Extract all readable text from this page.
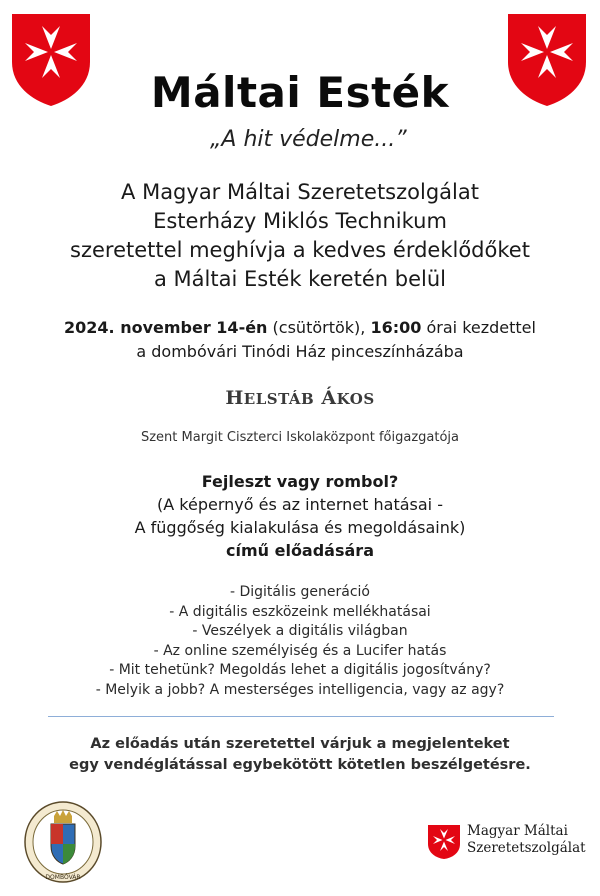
Máltai Esték
„A hit védelme...”
A Magyar Máltai Szeretetszolgálat
Esterházy Miklós Technikum
szeretettel meghívja a kedves érdeklődőket
a Máltai Esték keretén belül
2024. november 14-én (csütörtök), 16:00 órai kezdettel
a dombóvári Tinódi Ház pinceszínházába
HELSTÁB ÁKOS
Szent Margit Ciszterci Iskolaközpont főigazgatója
Fejleszt vagy rombol?
(A képernyő és az internet hatásai -
A függőség kialakulása és megoldásaink)
című előadására
- Digitális generáció
- A digitális eszközeink mellékhatásai
- Veszélyek a digitális világban
- Az online személyiség és a Lucifer hatás
- Mit tehetünk? Megoldás lehet a digitális jogosítvány?
- Melyik a jobb? A mesterséges intelligencia, vagy az agy?
Az előadás után szeretettel várjuk a megjelenteket
egy vendéglátással egybekötött kötetlen beszélgetésre.
DOMBÓVÁR
Magyar Máltai
Szeretetszolgálat
